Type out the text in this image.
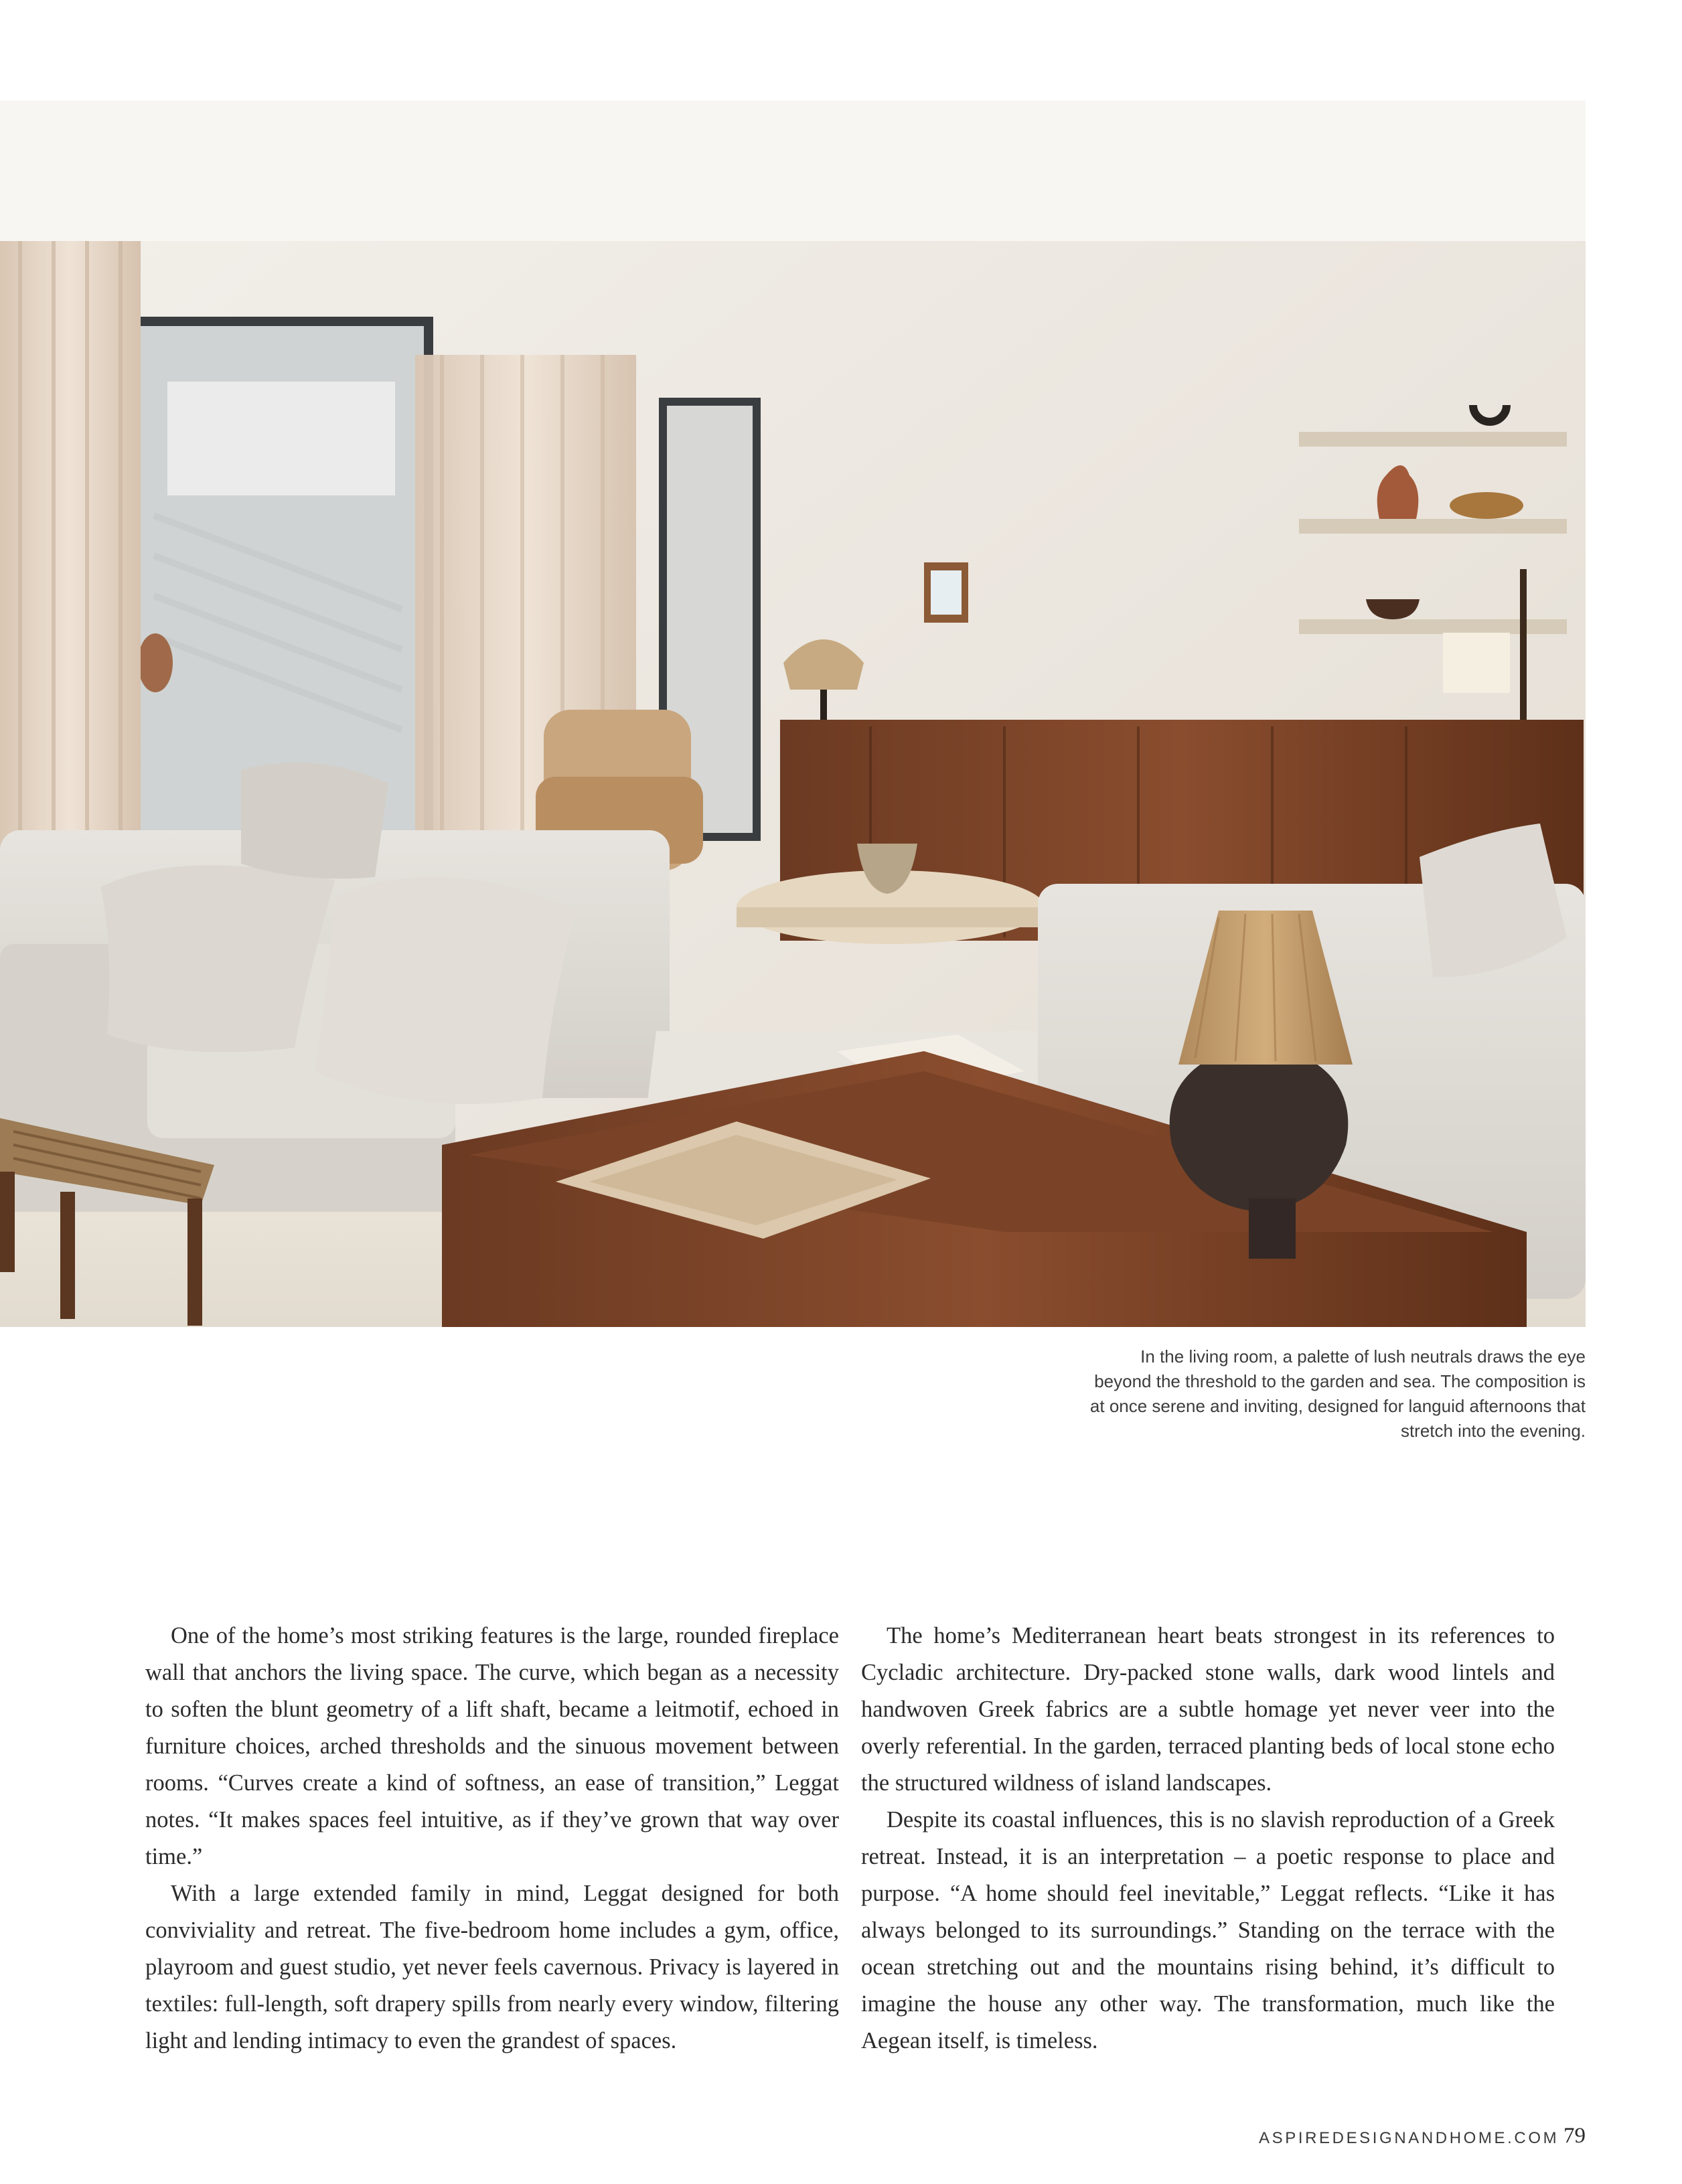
In the living room, a palette of lush neutrals draws the eye
beyond the threshold to the garden and sea. The composition is
at once serene and inviting, designed for languid afternoons that
stretch into the evening.

One of the home’s most striking features is the large, rounded fireplace wall that anchors the living space. The curve, which began as a necessity to soften the blunt geometry of a lift shaft, became a leitmotif, echoed in furniture choices, arched thresholds and the sinuous movement between rooms. “Curves create a kind of softness, an ease of transition,” Leggat notes. “It makes spaces feel intuitive, as if they’ve grown that way over time.”

With a large extended family in mind, Leggat designed for both conviviality and retreat. The five-bedroom home includes a gym, office, playroom and guest studio, yet never feels cavernous. Privacy is layered in textiles: full-length, soft drapery spills from nearly every window, filtering light and lending intimacy to even the grandest of spaces.

The home’s Mediterranean heart beats strongest in its references to Cycladic architecture. Dry-packed stone walls, dark wood lintels and handwoven Greek fabrics are a subtle homage yet never veer into the overly referential. In the garden, terraced planting beds of local stone echo the structured wildness of island landscapes.

Despite its coastal influences, this is no slavish reproduction of a Greek retreat. Instead, it is an interpretation – a poetic response to place and purpose. “A home should feel inevitable,” Leggat reflects. “Like it has always belonged to its surroundings.” Standing on the terrace with the ocean stretching out and the mountains rising behind, it’s difficult to imagine the house any other way. The transformation, much like the Aegean itself, is timeless.

ASPIREDESIGNANDHOME.COM 79
